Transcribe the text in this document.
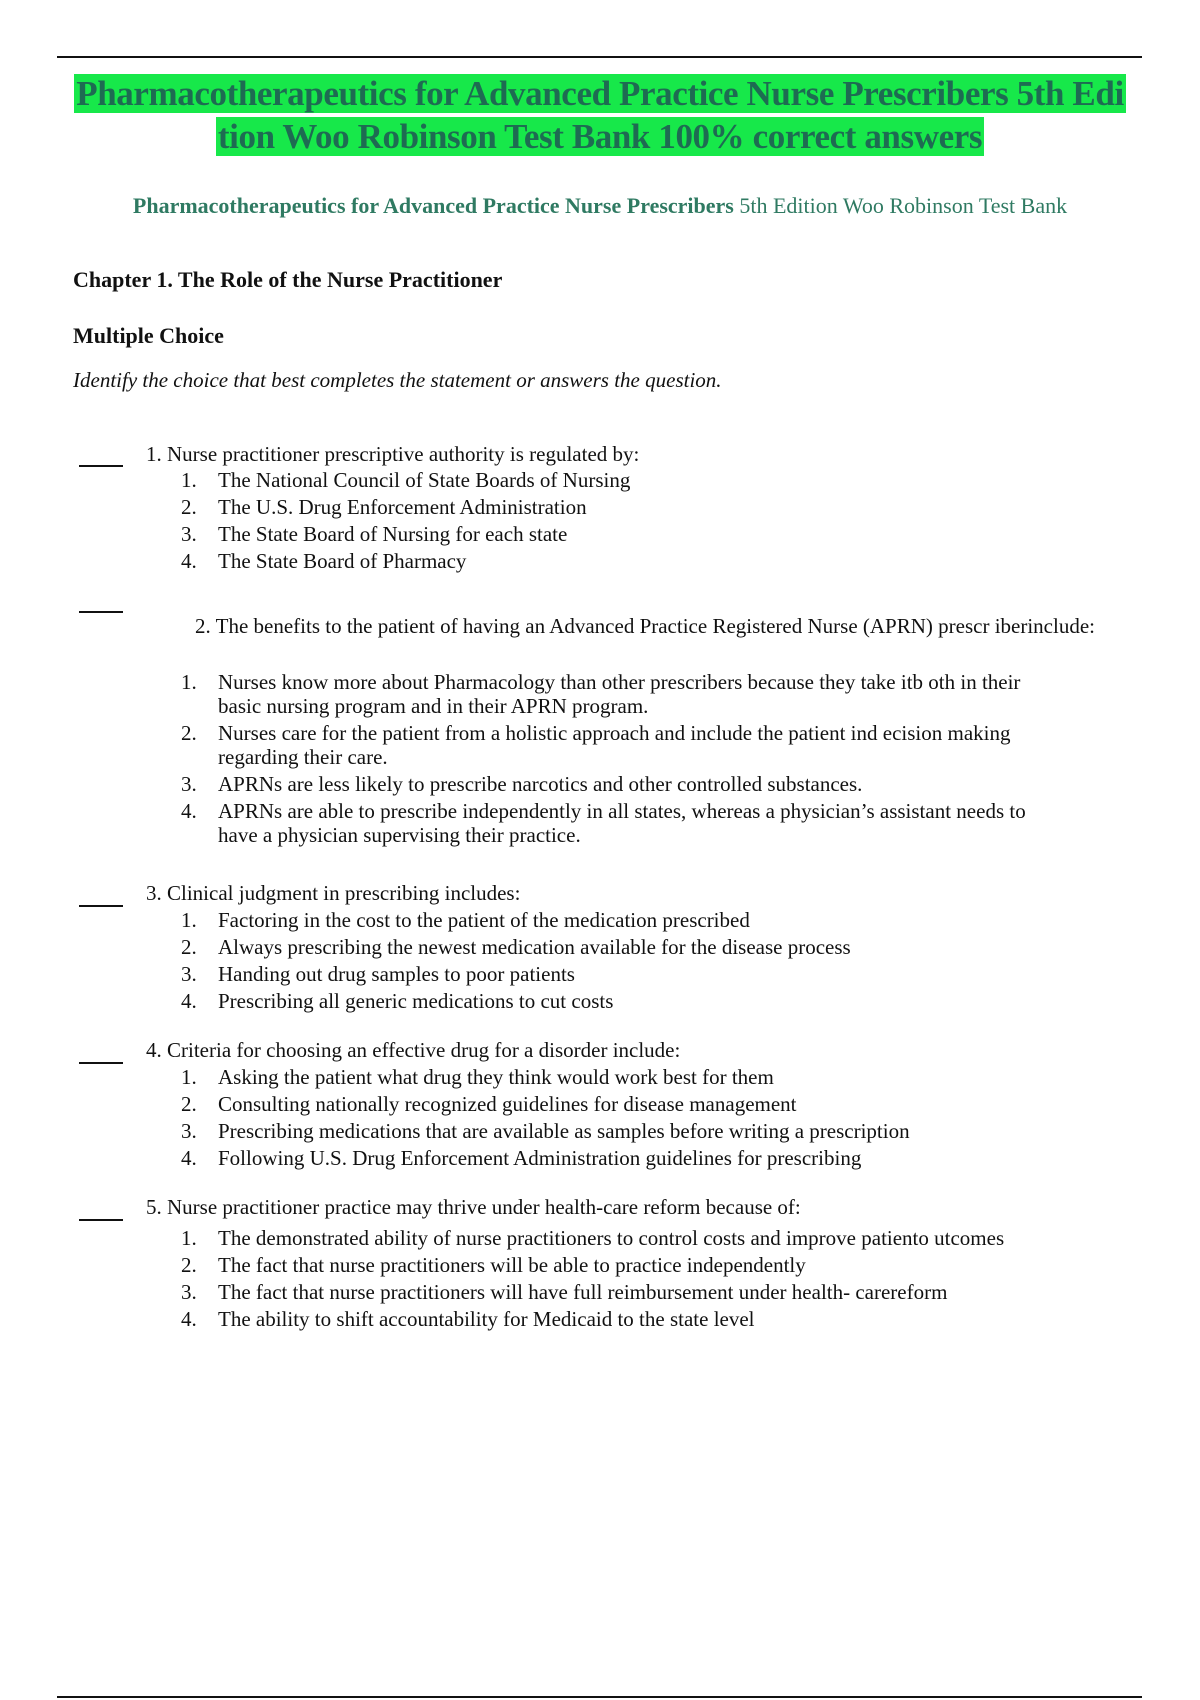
Pharmacotherapeutics for Advanced Practice Nurse Prescribers 5th Edi
tion Woo Robinson Test Bank 100% correct answers

Pharmacotherapeutics for Advanced Practice Nurse Prescribers 5th Edition Woo Robinson Test Bank

Chapter 1. The Role of the Nurse Practitioner
Multiple Choice

Identify the choice that best completes the statement or answers the question.

1. Nurse practitioner prescriptive authority is regulated by:

1. The National Council of State Boards of Nursing
2. The U.S. Drug Enforcement Administration
3. The State Board of Nursing for each state
4. The State Board of Pharmacy

2. The benefits to the patient of having an Advanced Practice Registered Nurse (APRN) prescr iberinclude:

1. Nurses know more about Pharmacology than other prescribers because they take itb oth in their basic nursing program and in their APRN program.
2. Nurses care for the patient from a holistic approach and include the patient ind ecision making regarding their care.
3. APRNs are less likely to prescribe narcotics and other controlled substances.
4. APRNs are able to prescribe independently in all states, whereas a physician’s assistant needs to have a physician supervising their practice.

3. Clinical judgment in prescribing includes:

1. Factoring in the cost to the patient of the medication prescribed
2. Always prescribing the newest medication available for the disease process
3. Handing out drug samples to poor patients
4. Prescribing all generic medications to cut costs

4. Criteria for choosing an effective drug for a disorder include:

1. Asking the patient what drug they think would work best for them
2. Consulting nationally recognized guidelines for disease management
3. Prescribing medications that are available as samples before writing a prescription
4. Following U.S. Drug Enforcement Administration guidelines for prescribing

5. Nurse practitioner practice may thrive under health-care reform because of:

1. The demonstrated ability of nurse practitioners to control costs and improve patiento utcomes
2. The fact that nurse practitioners will be able to practice independently
3. The fact that nurse practitioners will have full reimbursement under health- carereform
4. The ability to shift accountability for Medicaid to the state level
